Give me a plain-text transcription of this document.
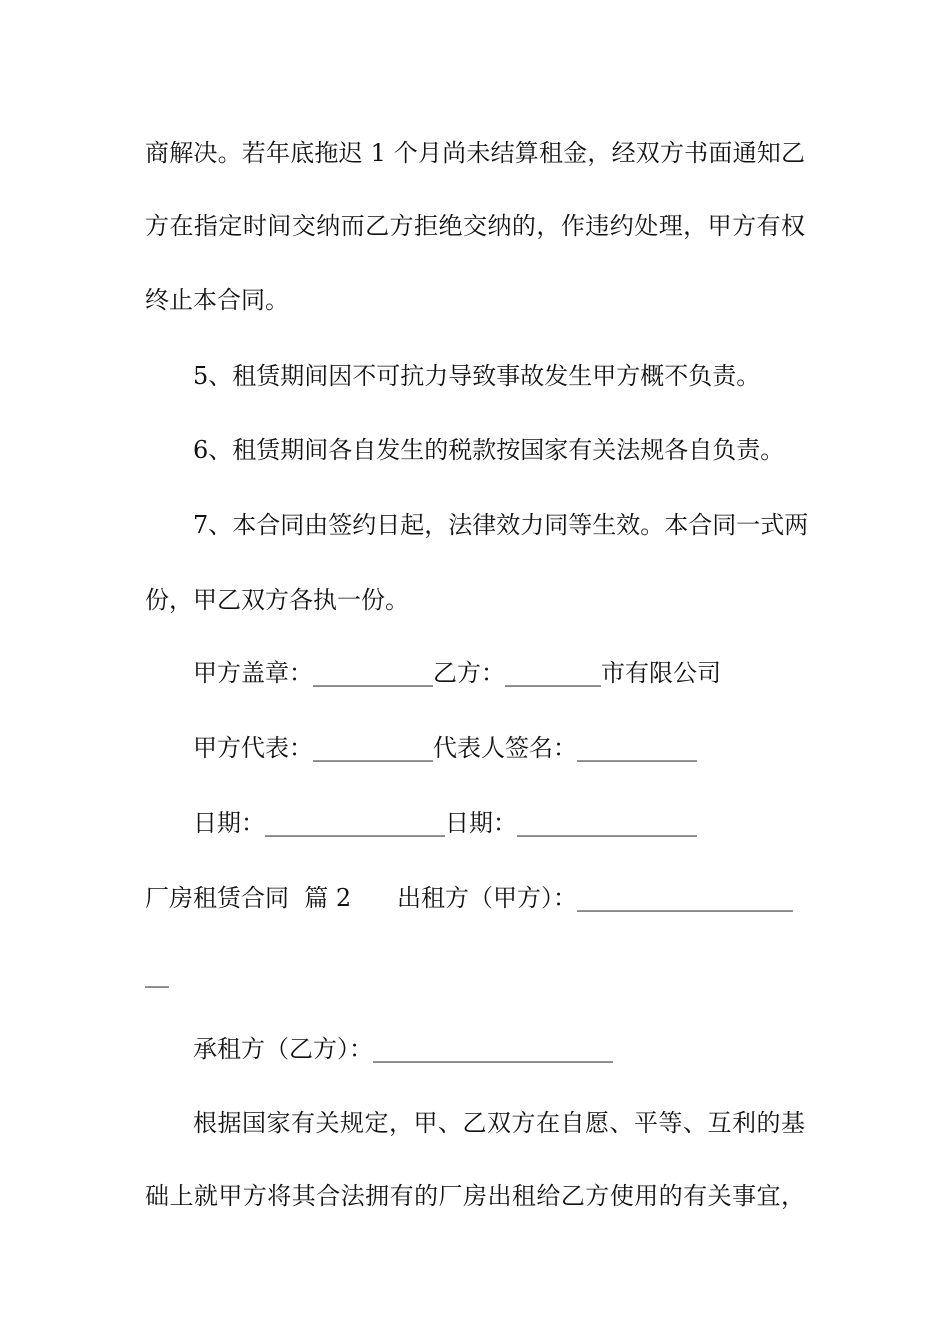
商解决。若年底拖迟 1 个月尚未结算租金，经双方书面通知乙
方在指定时间交纳而乙方拒绝交纳的，作违约处理，甲方有权
终止本合同。
5、租赁期间因不可抗力导致事故发生甲方概不负责。
6、租赁期间各自发生的税款按国家有关法规各自负责。
7、本合同由签约日起，法律效力同等生效。本合同一式两
份，甲乙双方各执一份。
甲方盖章：__________乙方：________市有限公司
甲方代表：__________代表人签名：__________
日期：_______________日期：_______________
厂房租赁合同  篇 2 出租方（甲方）：__________________
__
承租方（乙方）：____________________
根据国家有关规定，甲、乙双方在自愿、平等、互利的基
础上就甲方将其合法拥有的厂房出租给乙方使用的有关事宜，
